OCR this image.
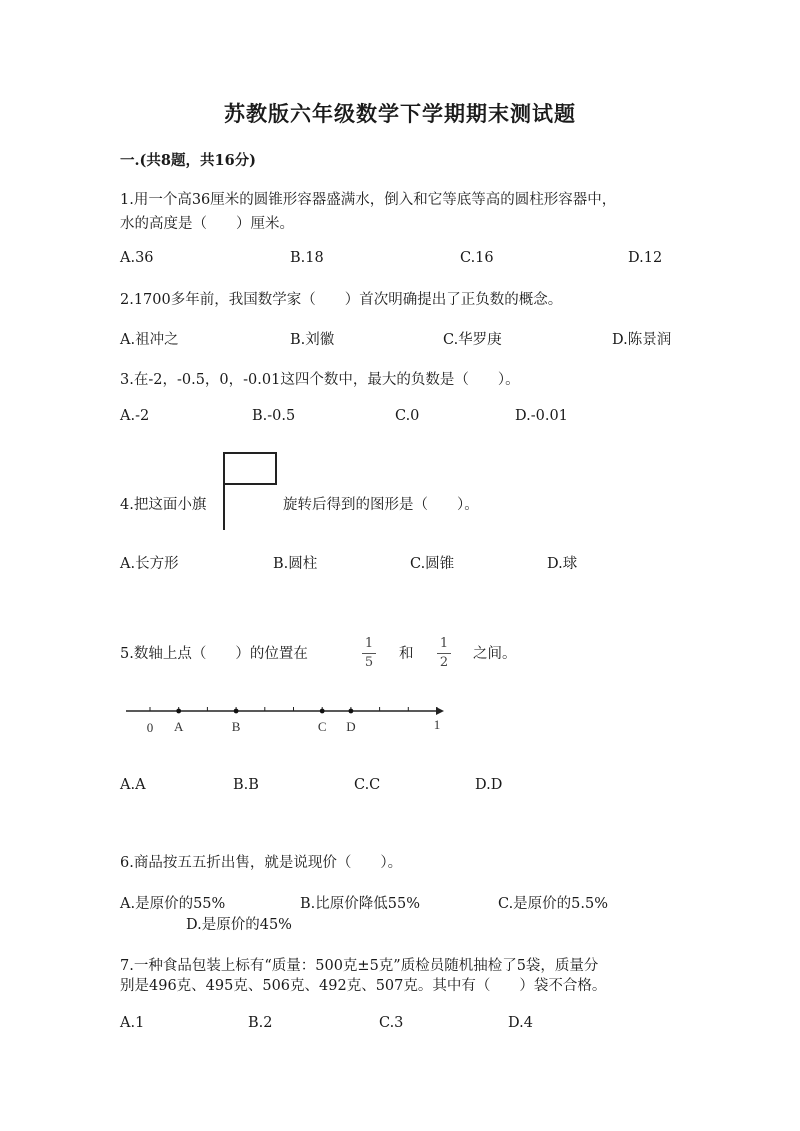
苏教版六年级数学下学期期末测试题
一.(共8题，共16分)
1.用一个高36厘米的圆锥形容器盛满水，倒入和它等底等高的圆柱形容器中，
水的高度是（　　）厘米。
A.36	B.18	C.16	D.12
2.1700多年前，我国数学家（　　）首次明确提出了正负数的概念。
A.祖冲之	B.刘徽	C.华罗庚	D.陈景润
3.在-2，-0.5，0，-0.01这四个数中，最大的负数是（　　）。
A.-2	B.-0.5	C.0	D.-0.01
4.把这面小旗	旋转后得到的图形是（　　）。
A.长方形	B.圆柱	C.圆锥	D.球
5.数轴上点（　　）的位置在
1
5
和
1
2
之间。
A	B	C D
0	1
A.A	B.B	C.C	D.D
6.商品按五五折出售，就是说现价（　　）。
A.是原价的55%	B.比原价降低55%	C.是原价的5.5%
D.是原价的45%
7.一种食品包装上标有“质量：500克±5克”质检员随机抽检了5袋，质量分
别是496克、495克、506克、492克、507克。其中有（　　）袋不合格。
A.1	B.2	C.3	D.4
